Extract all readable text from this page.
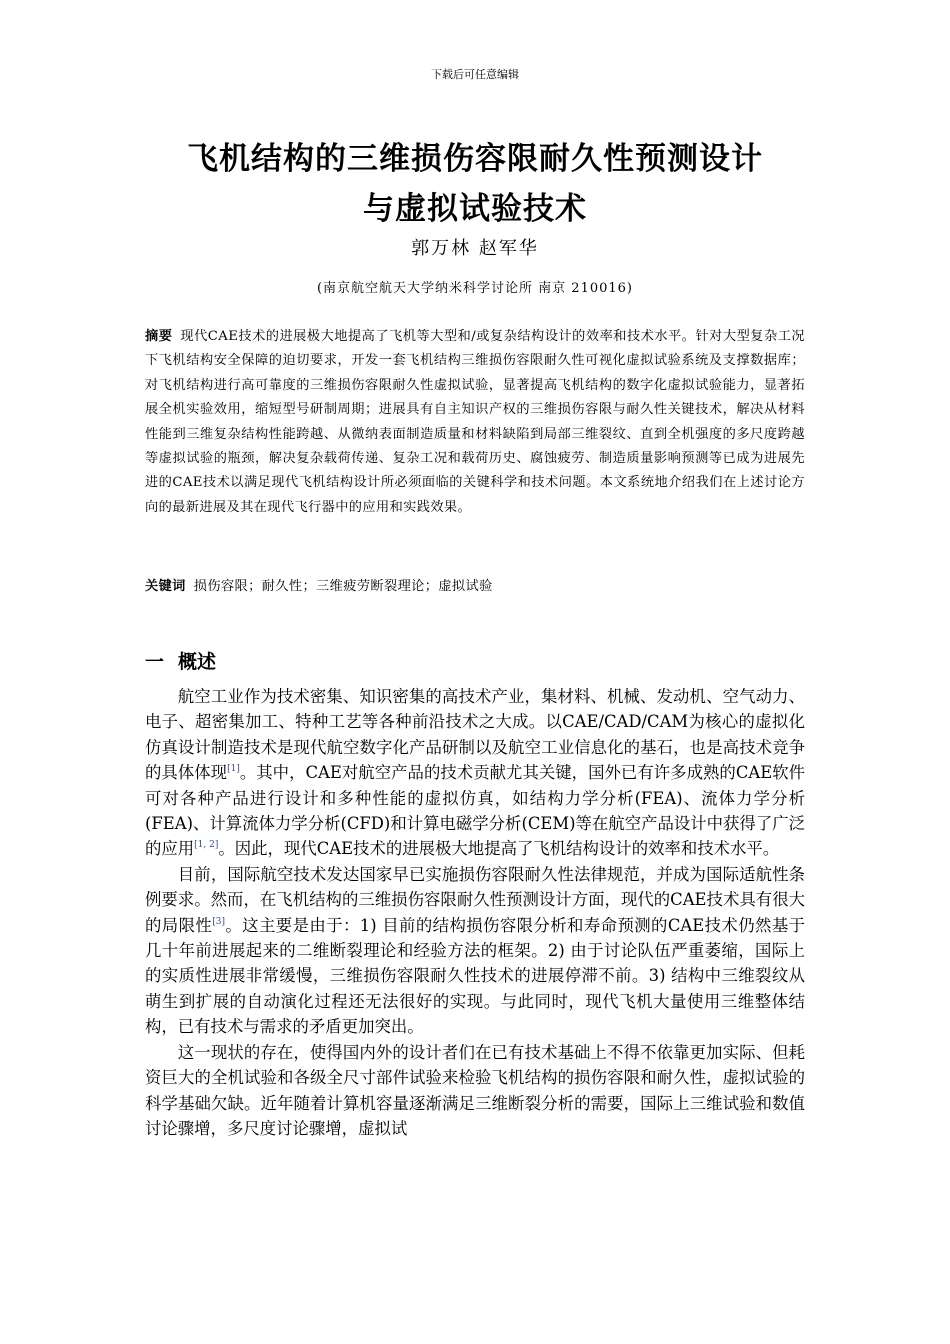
下载后可任意编辑
飞机结构的三维损伤容限耐久性预测设计
与虚拟试验技术
郭万林 赵军华
(南京航空航天大学纳米科学讨论所 南京 210016)
摘要 现代CAE技术的进展极大地提高了飞机等大型和/或复杂结构设计的效率和技术水平。针对大型复杂工况下飞机结构安全保障的迫切要求，开发一套飞机结构三维损伤容限耐久性可视化虚拟试验系统及支撑数据库；对飞机结构进行高可靠度的三维损伤容限耐久性虚拟试验，显著提高飞机结构的数字化虚拟试验能力，显著拓展全机实验效用，缩短型号研制周期；进展具有自主知识产权的三维损伤容限与耐久性关键技术，解决从材料性能到三维复杂结构性能跨越、从微纳表面制造质量和材料缺陷到局部三维裂纹、直到全机强度的多尺度跨越等虚拟试验的瓶颈，解决复杂载荷传递、复杂工况和载荷历史、腐蚀疲劳、制造质量影响预测等已成为进展先进的CAE技术以满足现代飞机结构设计所必须面临的关键科学和技术问题。本文系统地介绍我们在上述讨论方向的最新进展及其在现代飞行器中的应用和实践效果。
关键词 损伤容限；耐久性；三维疲劳断裂理论；虚拟试验
一 概述

航空工业作为技术密集、知识密集的高技术产业，集材料、机械、发动机、空气动力、电子、超密集加工、特种工艺等各种前沿技术之大成。以CAE/CAD/CAM为核心的虚拟化仿真设计制造技术是现代航空数字化产品研制以及航空工业信息化的基石，也是高技术竞争的具体体现[1]。其中，CAE对航空产品的技术贡献尤其关键，国外已有许多成熟的CAE软件可对各种产品进行设计和多种性能的虚拟仿真，如结构力学分析(FEA)、流体力学分析(FEA)、计算流体力学分析(CFD)和计算电磁学分析(CEM)等在航空产品设计中获得了广泛的应用[1, 2]。因此，现代CAE技术的进展极大地提高了飞机结构设计的效率和技术水平。

目前，国际航空技术发达国家早已实施损伤容限耐久性法律规范，并成为国际适航性条例要求。然而，在飞机结构的三维损伤容限耐久性预测设计方面，现代的CAE技术具有很大的局限性[3]。这主要是由于：1) 目前的结构损伤容限分析和寿命预测的CAE技术仍然基于几十年前进展起来的二维断裂理论和经验方法的框架。2) 由于讨论队伍严重萎缩，国际上的实质性进展非常缓慢，三维损伤容限耐久性技术的进展停滞不前。3) 结构中三维裂纹从萌生到扩展的自动演化过程还无法很好的实现。与此同时，现代飞机大量使用三维整体结构，已有技术与需求的矛盾更加突出。

这一现状的存在，使得国内外的设计者们在已有技术基础上不得不依靠更加实际、但耗资巨大的全机试验和各级全尺寸部件试验来检验飞机结构的损伤容限和耐久性，虚拟试验的科学基础欠缺。近年随着计算机容量逐渐满足三维断裂分析的需要，国际上三维试验和数值讨论骤增，多尺度讨论骤增，虚拟试
